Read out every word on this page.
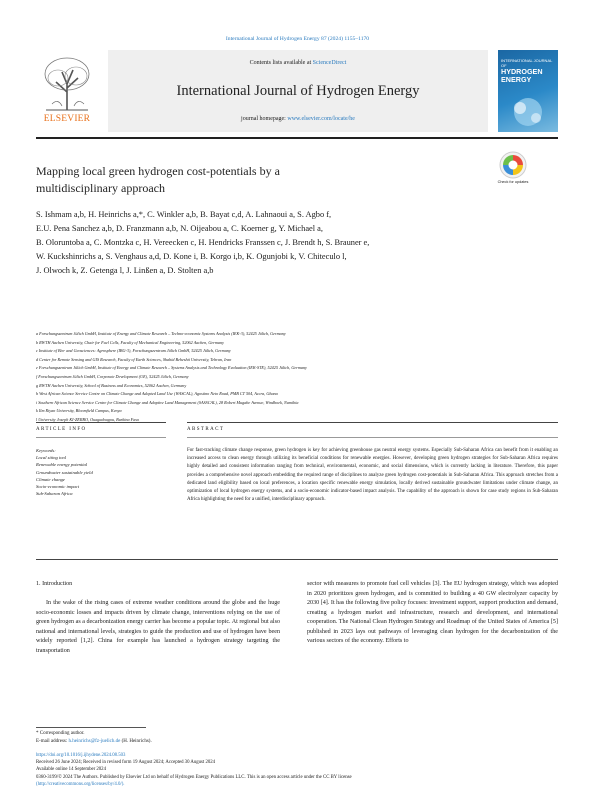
International Journal of Hydrogen Energy 87 (2024) 1155–1170
ELSEVIER
Contents lists available at ScienceDirect
International Journal of Hydrogen Energy
journal homepage: www.elsevier.com/locate/he
INTERNATIONAL JOURNAL OF
HYDROGEN
ENERGY
Mapping local green hydrogen cost-potentials by a
multidisciplinary approach	Check for updates
S. Ishmam a,b, H. Heinrichs a,*, C. Winkler a,b, B. Bayat c,d, A. Lahnaoui a, S. Agbo f,
E.U. Pena Sanchez a,b, D. Franzmann a,b, N. Oijeabou a, C. Koerner g, Y. Michael a,
B. Oloruntoba a, C. Montzka c, H. Vereecken c, H. Hendricks Franssen c, J. Brendt h, S. Brauner e,
W. Kuckshinrichs a, S. Venghaus a,d, D. Kone i, B. Korgo i,b, K. Ogunjobi k, V. Chiteculo l,
J. Olwoch k, Z. Getenga l, J. Linßen a, D. Stolten a,b
a Forschungszentrum Jülich GmbH, Institute of Energy and Climate Research – Techno-economic Systems Analysis (IEK-3), 52425 Jülich, Germany
b RWTH Aachen University, Chair for Fuel Cells, Faculty of Mechanical Engineering, 52062 Aachen, Germany
c Institute of Bio- and Geosciences: Agrosphere (IBG-3), Forschungszentrum Jülich GmbH, 52425 Jülich, Germany
d Center for Remote Sensing and GIS Research, Faculty of Earth Sciences, Shahid Beheshti University, Tehran, Iran
e Forschungszentrum Jülich GmbH, Institute of Energy and Climate Research – Systems Analysis and Technology Evaluation (IEK-STE), 52425 Jülich, Germany
f Forschungszentrum Jülich GmbH, Corporate Development (UE), 52425 Jülich, Germany
g RWTH Aachen University, School of Business and Economics, 52062 Aachen, Germany
h West African Science Service Centre on Climate Change and Adapted Land Use (WASCAL), Agostino Neto Road, PMB CT 504, Accra, Ghana
i Southern African Science Service Centre for Climate Change and Adaptive Land Management (SASSCAL), 28 Robert Mugabe Avenue, Windhoek, Namibia
k Ilm Riyan University, Bloomfield Campus, Kenya
l University Joseph KI-ZERBO, Ouagadougou, Burkina Faso
ARTICLE INFO	ABSTRACT
Keywords:
Local siting tool
Renewable energy potential
Groundwater sustainable yield
Climate change
Socio-economic impact
Sub-Saharan Africa
For fast-tracking climate change response, green hydrogen is key for achieving greenhouse gas neutral energy systems. Especially Sub-Saharan Africa can benefit from it enabling an increased access to clean energy through utilizing its beneficial conditions for renewable energies. However, developing green hydrogen strategies for Sub-Saharan Africa requires highly detailed and consistent information ranging from technical, environmental, economic, and social dimensions, which is currently lacking in literature. Therefore, this paper provides a comprehensive novel approach embedding the required range of disciplines to analyze green hydrogen cost-potentials in Sub-Saharan Africa. This approach stretches from a dedicated land eligibility based on local preferences, a location specific renewable energy simulation, locally derived sustainable groundwater limitations under climate change, an optimization of local hydrogen energy systems, and a socio-economic indicator-based impact analysis. The capability of the approach is shown for case study regions in Sub-Saharan Africa highlighting the need for a unified, interdisciplinary approach.

1. Introduction

In the wake of the rising cases of extreme weather conditions around the globe and the huge socio-economic losses and impacts driven by climate change, interventions relying on the use of green hydrogen as a decarbonization energy carrier has become a popular topic. At regional but also national and international levels, strategies to guide the production and use of hydrogen have been widely reported [1,2]. China for example has launched a hydrogen strategy targeting the transportation

sector with measures to promote fuel cell vehicles [3]. The EU hydrogen strategy, which was adopted in 2020 prioritizes green hydrogen, and is committed to building a 40 GW electrolyzer capacity by 2030 [4]. It has the following five policy focuses: investment support, support production and demand, creating a hydrogen market and infrastructure, research and development, and international cooperation. The National Clean Hydrogen Strategy and Roadmap of the United States of America [5] published in 2023 lays out pathways of leveraging clean hydrogen for the decarbonization of the various sectors of the economy. Efforts to

* Corresponding author.
E-mail address: h.heinrichs@fz-juelich.de (H. Heinrichs).
https://doi.org/10.1016/j.ijhydene.2024.08.503
Received 26 June 2024; Received in revised form 19 August 2024; Accepted 30 August 2024
Available online 14 September 2024
0360-3199/© 2024 The Authors. Published by Elsevier Ltd on behalf of Hydrogen Energy Publications LLC. This is an open access article under the CC BY license
(http://creativecommons.org/licenses/by/4.0/).
